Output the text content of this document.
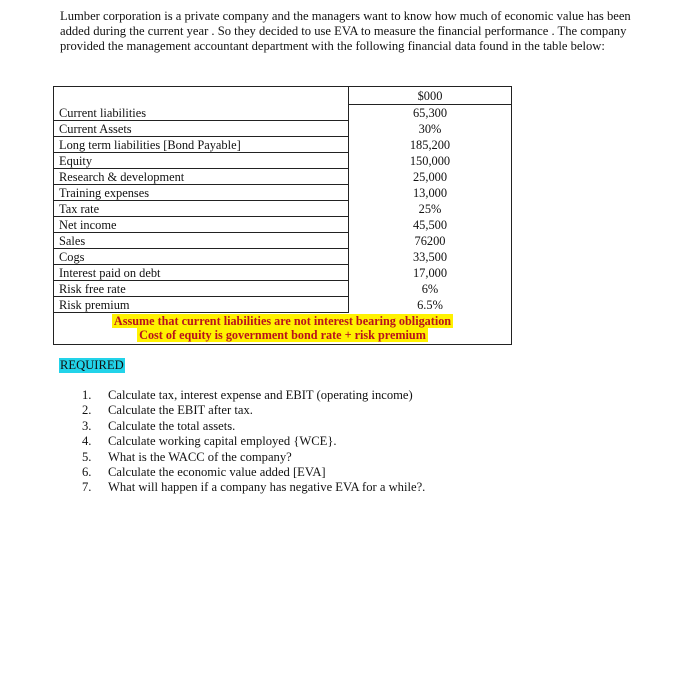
Lumber corporation is a private company and the managers want to know how much of economic value has been added during the current year . So they decided to use EVA to measure the financial performance . The company provided the management accountant department with the following financial data found in the table below:

$000
Current liabilities	65,300
Current Assets	30%
Long term liabilities [Bond Payable]	185,200
Equity	150,000
Research & development	25,000
Training expenses	13,000
Tax rate	25%
Net income	45,500
Sales	76200
Cogs	33,500
Interest paid on debt	17,000
Risk free rate	6%
Risk premium	6.5%
Assume that current liabilities are not interest bearing obligation
Cost of equity is government bond rate + risk premium
REQUIRED
1.	Calculate tax, interest expense and EBIT (operating income)
2.	Calculate the EBIT after tax.
3.	Calculate the total assets.
4.	Calculate working capital employed {WCE}.
5.	What is the WACC of the company?
6.	Calculate the economic value added [EVA]
7.	What will happen if a company has negative EVA for a while?.
